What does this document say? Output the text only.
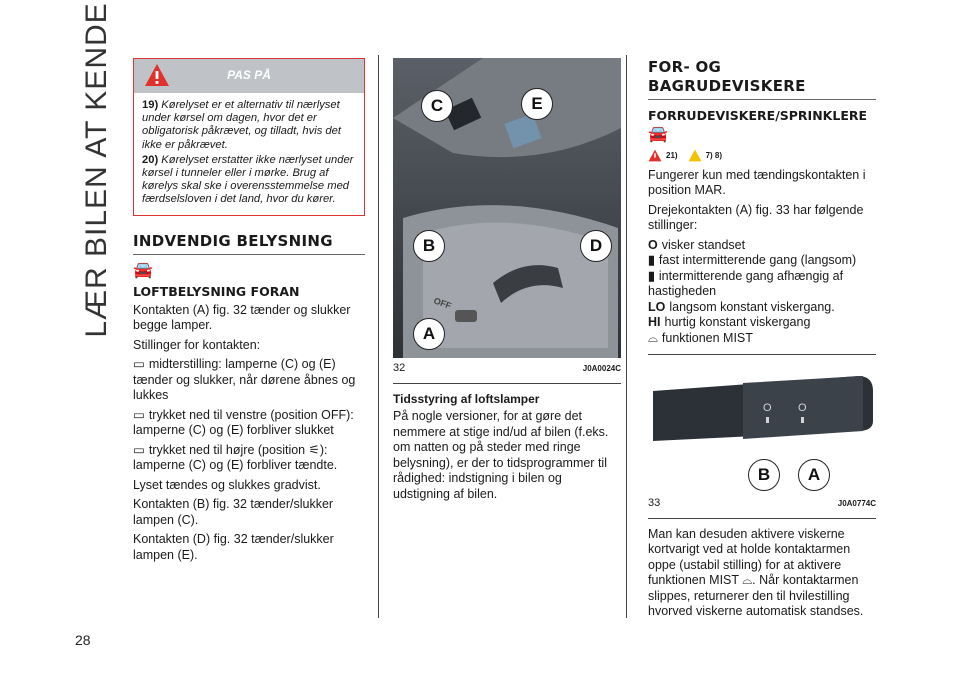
LÆR BILEN AT KENDE
28
PAS PÅ
19) Kørelyset er et alternativ til nærlyset under kørsel om dagen, hvor det er obligatorisk påkrævet, og tilladt, hvis det ikke er påkrævet.
20) Kørelyset erstatter ikke nærlyset under kørsel i tunneler eller i mørke. Brug af kørelys skal ske i overensstemmelse med færdselsloven i det land, hvor du kører.
INDVENDIG BELYSNING
🚘
LOFTBELYSNING FORAN

Kontakten (A) fig. 32 tænder og slukker begge lamper.

Stillinger for kontakten:

▭ midterstilling: lamperne (C) og (E) tænder og slukker, når dørene åbnes og lukkes

▭ trykket ned til venstre (position OFF): lamperne (C) og (E) forbliver slukket

▭ trykket ned til højre (position ⚟): lamperne (C) og (E) forbliver tændte.

Lyset tændes og slukkes gradvist.

Kontakten (B) fig. 32 tænder/slukker lampen (C).

Kontakten (D) fig. 32 tænder/slukker lampen (E).

OFF
C	E
B	D
A
32	J0A0024C
Tidsstyring af loftslamper

På nogle versioner, for at gøre det nemmere at stige ind/ud af bilen (f.eks. om natten og på steder med ringe belysning), er der to tidsprogrammer til rådighed: indstigning i bilen og udstigning af bilen.

FOR- OG BAGRUDEVISKERE
FORRUDEVISKERE/SPRINKLERE
🚘
21)	7) 8)

Fungerer kun med tændingskontakten i position MAR.

Drejekontakten (A) fig. 33 har følgende stillinger:

O visker standset
▮ fast intermitterende gang (langsom)
▮ intermitterende gang afhængig af hastigheden
LO langsom konstant viskergang.
HI hurtig konstant viskergang
⌓ funktionen MIST
O O
B	A
33	J0A0774C

Man kan desuden aktivere viskerne kortvarigt ved at holde kontaktarmen oppe (ustabil stilling) for at aktivere funktionen MIST ⌓. Når kontaktarmen slippes, returnerer den til hvilestilling hvorved viskerne automatisk standses.
